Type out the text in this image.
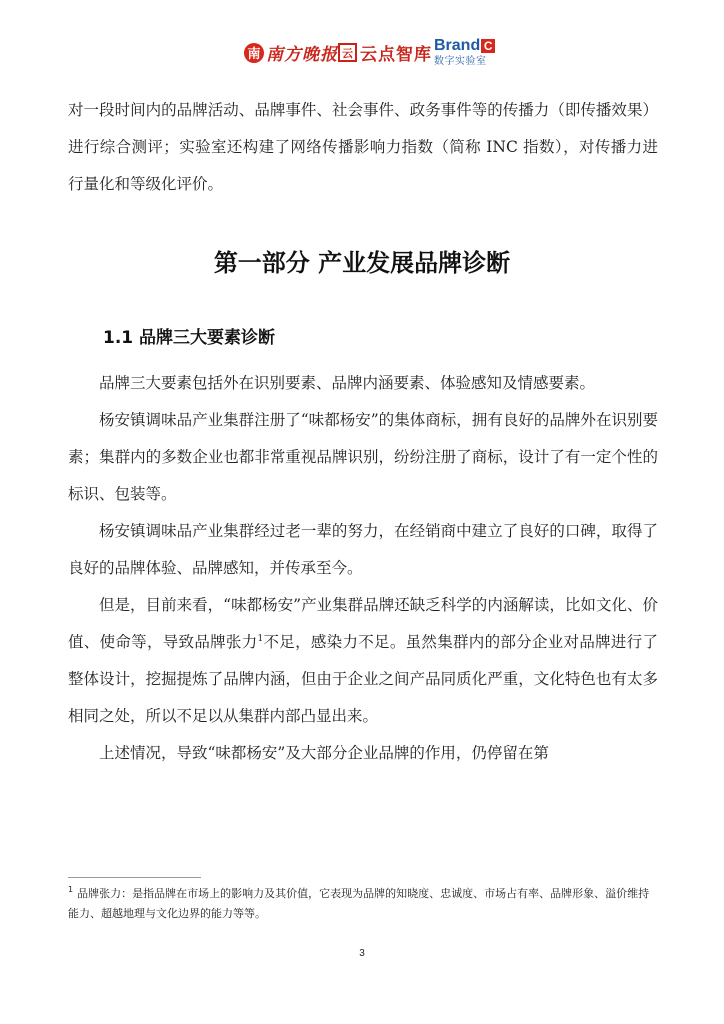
南 南方晚报 云 云点智库 Brand C
数字实验室

对一段时间内的品牌活动、品牌事件、社会事件、政务事件等的传播力（即传播效果）进行综合测评；实验室还构建了网络传播影响力指数（简称 INC 指数），对传播力进行量化和等级化评价。

第一部分 产业发展品牌诊断
1.1 品牌三大要素诊断

品牌三大要素包括外在识别要素、品牌内涵要素、体验感知及情感要素。

杨安镇调味品产业集群注册了“味都杨安”的集体商标，拥有良好的品牌外在识别要素；集群内的多数企业也都非常重视品牌识别，纷纷注册了商标，设计了有一定个性的标识、包装等。

杨安镇调味品产业集群经过老一辈的努力，在经销商中建立了良好的口碑，取得了良好的品牌体验、品牌感知，并传承至今。

但是，目前来看，“味都杨安”产业集群品牌还缺乏科学的内涵解读，比如文化、价值、使命等，导致品牌张力$^1$不足，感染力不足。虽然集群内的部分企业对品牌进行了整体设计，挖掘提炼了品牌内涵，但由于企业之间产品同质化严重，文化特色也有太多相同之处，所以不足以从集群内部凸显出来。

上述情况，导致“味都杨安”及大部分企业品牌的作用，仍停留在第

$^1$ 品牌张力：是指品牌在市场上的影响力及其价值，它表现为品牌的知晓度、忠诚度、市场占有率、品牌形象、溢价维持能力、超越地理与文化边界的能力等等。

3
